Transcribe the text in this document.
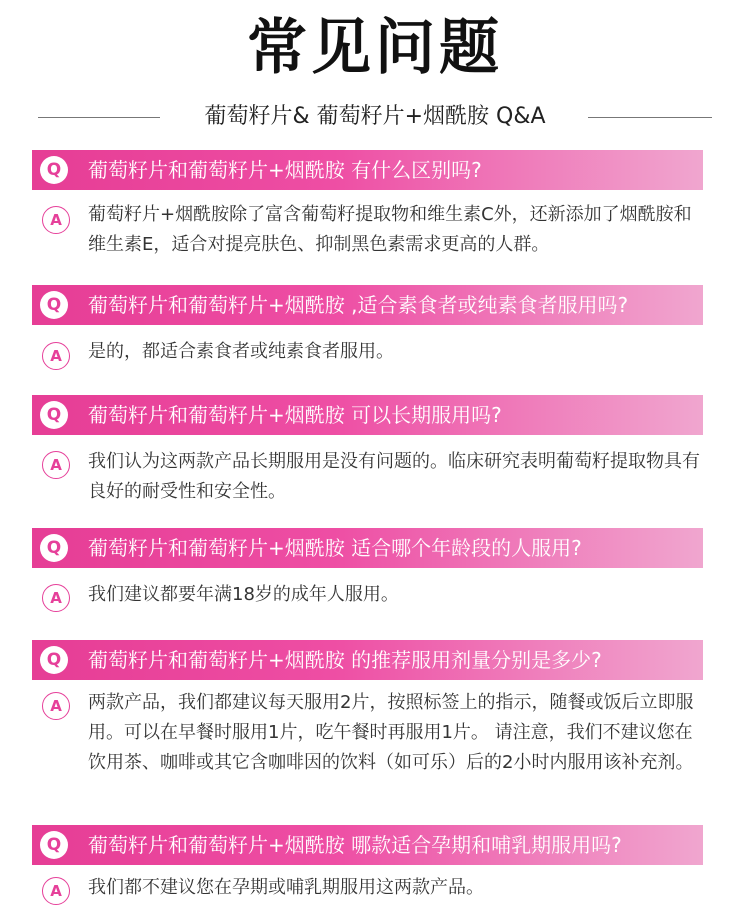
常见问题
葡萄籽片& 葡萄籽片+烟酰胺 Q&A
Q	葡萄籽片和葡萄籽片+烟酰胺 有什么区别吗?
A	葡萄籽片+烟酰胺除了富含葡萄籽提取物和维生素C外，还新添加了烟酰胺和维生素E，适合对提亮肤色、抑制黑色素需求更高的人群。
Q	葡萄籽片和葡萄籽片+烟酰胺 ,适合素食者或纯素食者服用吗?
A	是的，都适合素食者或纯素食者服用。
Q	葡萄籽片和葡萄籽片+烟酰胺 可以长期服用吗?
A	我们认为这两款产品长期服用是没有问题的。临床研究表明葡萄籽提取物具有良好的耐受性和安全性。
Q	葡萄籽片和葡萄籽片+烟酰胺 适合哪个年龄段的人服用?
A	我们建议都要年满18岁的成年人服用。
Q	葡萄籽片和葡萄籽片+烟酰胺 的推荐服用剂量分别是多少?
A	两款产品，我们都建议每天服用2片，按照标签上的指示，随餐或饭后立即服用。可以在早餐时服用1片，吃午餐时再服用1片。 请注意，我们不建议您在饮用茶、咖啡或其它含咖啡因的饮料（如可乐）后的2小时内服用该补充剂。
Q	葡萄籽片和葡萄籽片+烟酰胺 哪款适合孕期和哺乳期服用吗?
A	我们都不建议您在孕期或哺乳期服用这两款产品。
